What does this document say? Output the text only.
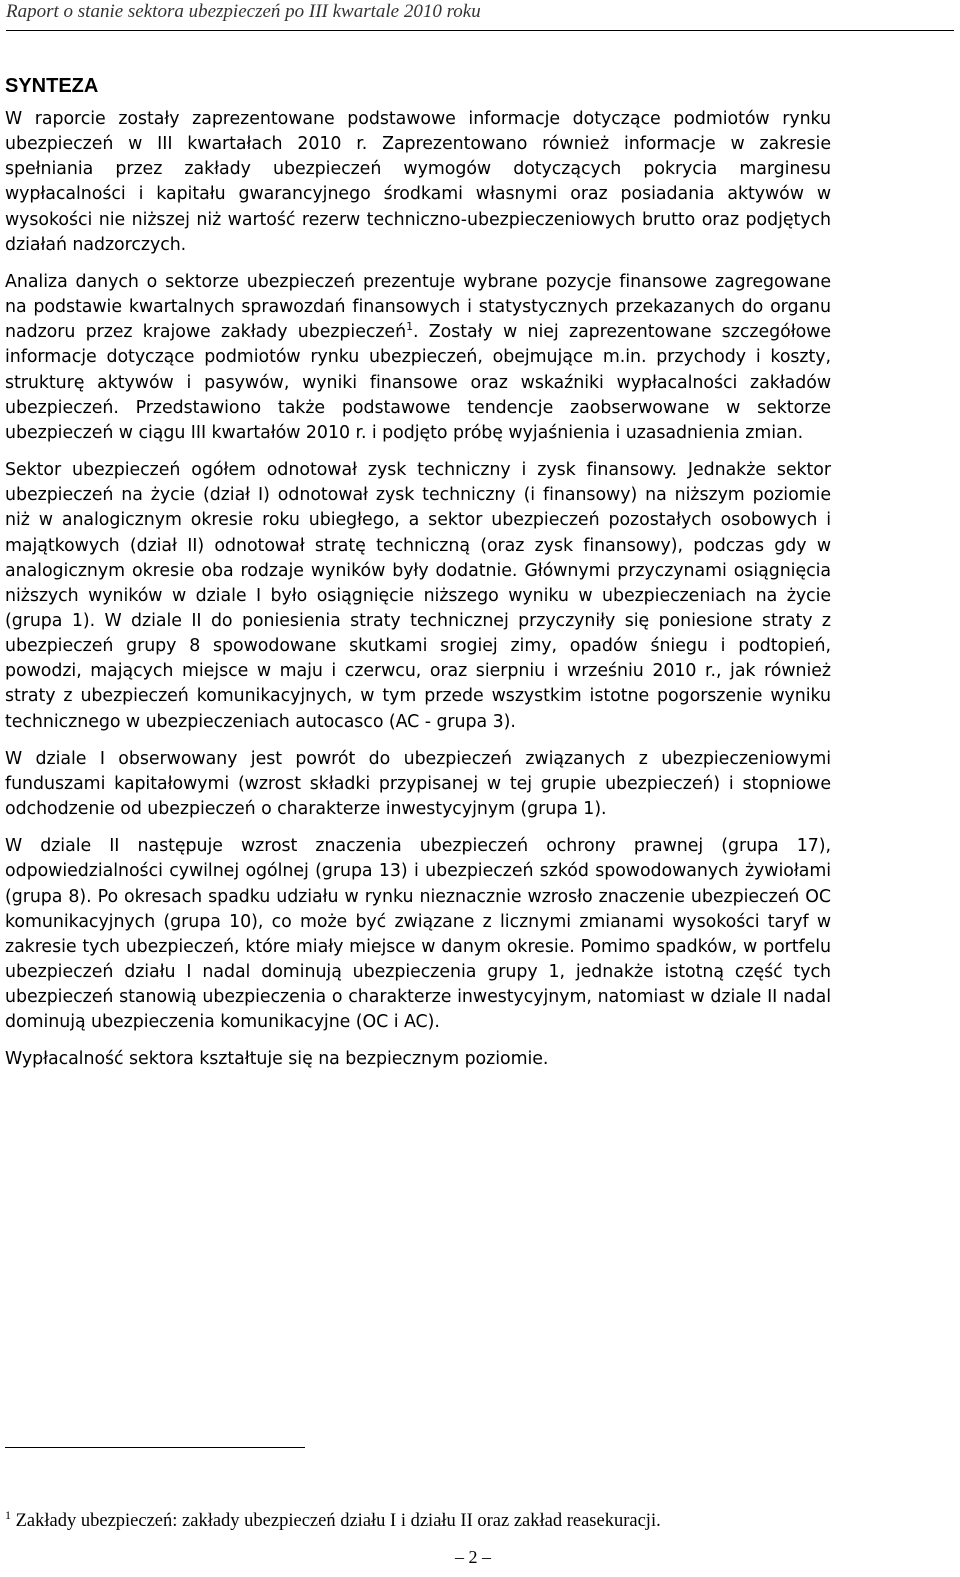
Raport o stanie sektora ubezpieczeń po III kwartale 2010 roku
SYNTEZA

W raporcie zostały zaprezentowane podstawowe informacje dotyczące podmiotów rynku ubezpieczeń w III kwartałach 2010 r. Zaprezentowano również informacje w zakresie spełniania przez zakłady ubezpieczeń wymogów dotyczących pokrycia marginesu wypłacalności i kapitału gwarancyjnego środkami własnymi oraz posiadania aktywów w wysokości nie niższej niż wartość rezerw techniczno-ubezpieczeniowych brutto oraz podjętych działań nadzorczych.

Analiza danych o sektorze ubezpieczeń prezentuje wybrane pozycje finansowe zagregowane na podstawie kwartalnych sprawozdań finansowych i statystycznych przekazanych do organu nadzoru przez krajowe zakłady ubezpieczeń$^1$. Zostały w niej zaprezentowane szczegółowe informacje dotyczące podmiotów rynku ubezpieczeń, obejmujące m.in. przychody i koszty, strukturę aktywów i pasywów, wyniki finansowe oraz wskaźniki wypłacalności zakładów ubezpieczeń. Przedstawiono także podstawowe tendencje zaobserwowane w sektorze ubezpieczeń w ciągu III kwartałów 2010 r. i podjęto próbę wyjaśnienia i uzasadnienia zmian.

Sektor ubezpieczeń ogółem odnotował zysk techniczny i zysk finansowy. Jednakże sektor ubezpieczeń na życie (dział I) odnotował zysk techniczny (i finansowy) na niższym poziomie niż w analogicznym okresie roku ubiegłego, a sektor ubezpieczeń pozostałych osobowych i majątkowych (dział II) odnotował stratę techniczną (oraz zysk finansowy), podczas gdy w analogicznym okresie oba rodzaje wyników były dodatnie. Głównymi przyczynami osiągnięcia niższych wyników w dziale I było osiągnięcie niższego wyniku w ubezpieczeniach na życie (grupa 1). W dziale II do poniesienia straty technicznej przyczyniły się poniesione straty z ubezpieczeń grupy 8 spowodowane skutkami srogiej zimy, opadów śniegu i podtopień, powodzi, mających miejsce w maju i czerwcu, oraz sierpniu i wrześniu 2010 r., jak również straty z ubezpieczeń komunikacyjnych, w tym przede wszystkim istotne pogorszenie wyniku technicznego w ubezpieczeniach autocasco (AC - grupa 3).

W dziale I obserwowany jest powrót do ubezpieczeń związanych z ubezpieczeniowymi funduszami kapitałowymi (wzrost składki przypisanej w tej grupie ubezpieczeń) i stopniowe odchodzenie od ubezpieczeń o charakterze inwestycyjnym (grupa 1).

W dziale II następuje wzrost znaczenia ubezpieczeń ochrony prawnej (grupa 17), odpowiedzialności cywilnej ogólnej (grupa 13) i ubezpieczeń szkód spowodowanych żywiołami (grupa 8). Po okresach spadku udziału w rynku nieznacznie wzrosło znaczenie ubezpieczeń OC komunikacyjnych (grupa 10), co może być związane z licznymi zmianami wysokości taryf w zakresie tych ubezpieczeń, które miały miejsce w danym okresie. Pomimo spadków, w portfelu ubezpieczeń działu I nadal dominują ubezpieczenia grupy 1, jednakże istotną część tych ubezpieczeń stanowią ubezpieczenia o charakterze inwestycyjnym, natomiast w dziale II nadal dominują ubezpieczenia komunikacyjne (OC i AC).

Wypłacalność sektora kształtuje się na bezpiecznym poziomie.

$^1$ Zakłady ubezpieczeń: zakłady ubezpieczeń działu I i działu II oraz zakład reasekuracji.
– 2 –
